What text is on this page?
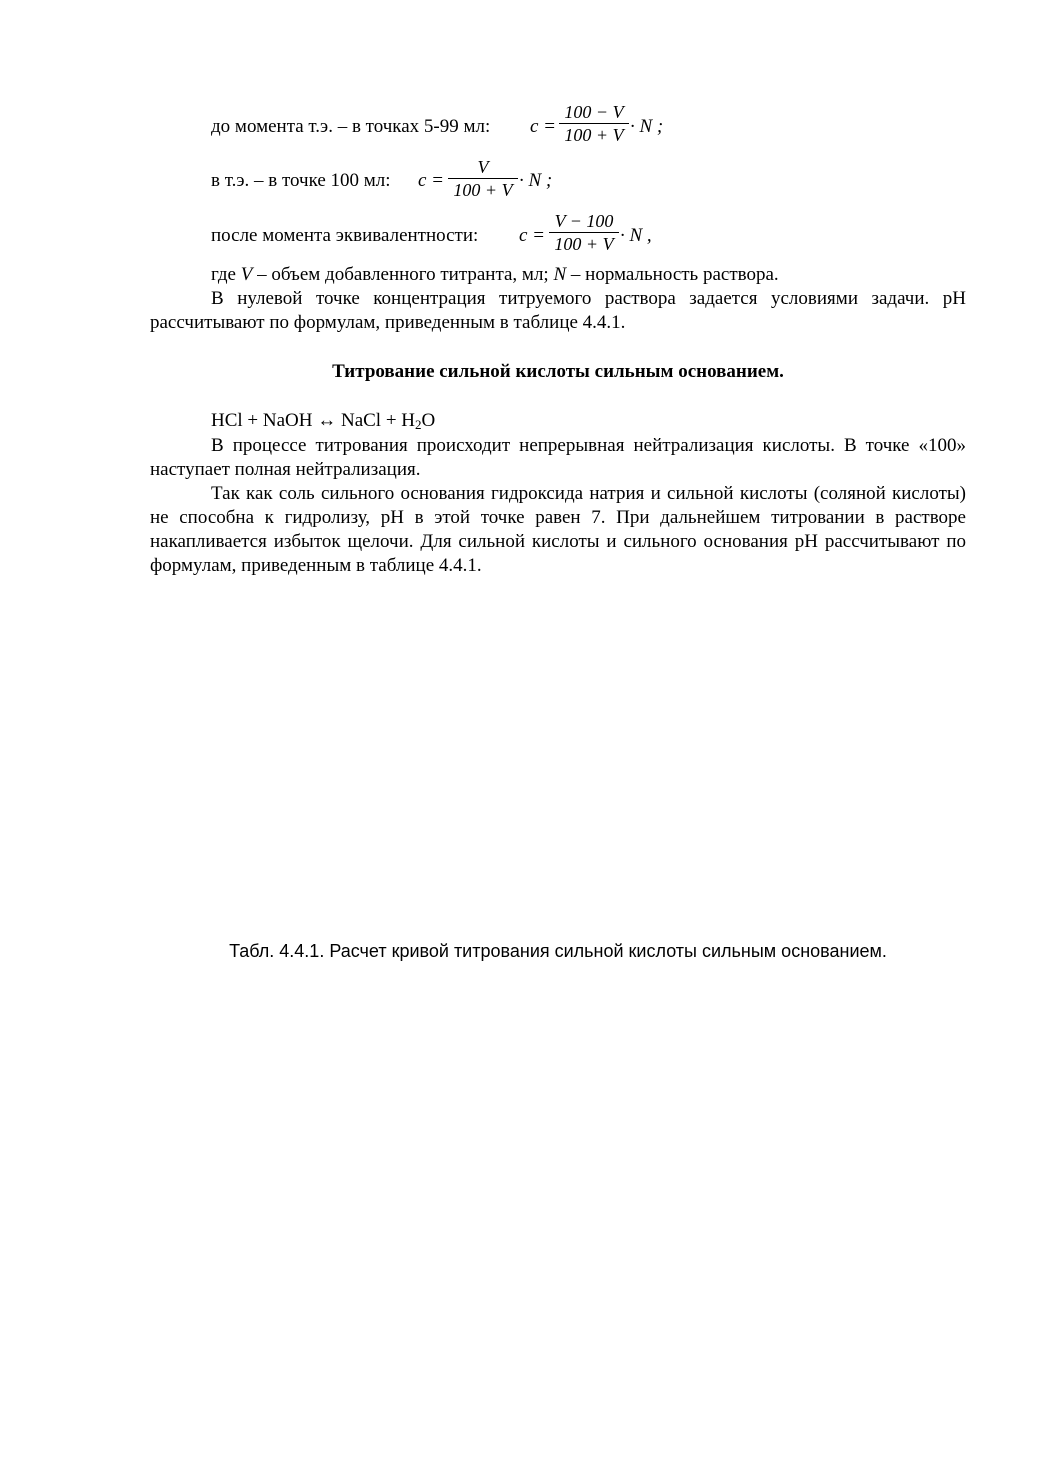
до момента т.э. – в точках 5-99 мл: c =
100 − V
100 + V · N ;
в т.э. – в точке 100 мл: c =
V
100 + V · N ;
после момента эквивалентности: c =
V − 100
100 + V · N ,
где V – объем добавленного титранта, мл; N – нормальность раствора.
В нулевой точке концентрация титруемого раствора задается условиями задачи. pH рассчитывают по формулам, приведенным в таблице 4.4.1.
Титрование сильной кислоты сильным основанием.
HCl + NaOH ↔ NaCl + $H_2O$
В процессе титрования происходит непрерывная нейтрализация кислоты. В точке «100» наступает полная нейтрализация.
Так как соль сильного основания гидроксида натрия и сильной кислоты (соляной кислоты) не способна к гидролизу, pH в этой точке равен 7. При дальнейшем титровании в растворе накапливается избыток щелочи. Для сильной кислоты и сильного основания pH рассчитывают по формулам, приведенным в таблице 4.4.1.
Табл. 4.4.1. Расчет кривой титрования сильной кислоты сильным основанием.
